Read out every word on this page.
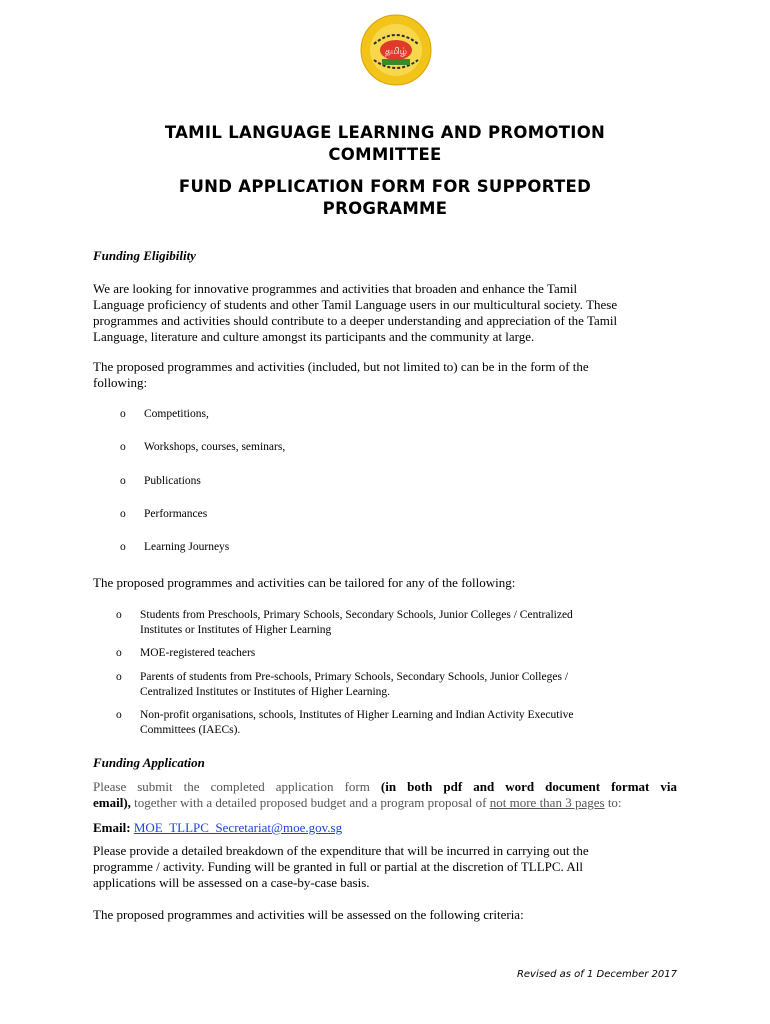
தமிழ்
TAMIL LANGUAGE LEARNING AND PROMOTION
COMMITTEE
FUND APPLICATION FORM FOR SUPPORTED
PROGRAMME
Funding Eligibility
We are looking for innovative programmes and activities that broaden and enhance the Tamil
Language proficiency of students and other Tamil Language users in our multicultural society. These
programmes and activities should contribute to a deeper understanding and appreciation of the Tamil
Language, literature and culture amongst its participants and the community at large.
The proposed programmes and activities (included, but not limited to) can be in the form of the
following:
o Competitions,
o Workshops, courses, seminars,
o Publications
o Performances
o Learning Journeys
The proposed programmes and activities can be tailored for any of the following:
o Students from Preschools, Primary Schools, Secondary Schools, Junior Colleges / Centralized
Institutes or Institutes of Higher Learning
o MOE-registered teachers
o Parents of students from Pre-schools, Primary Schools, Secondary Schools, Junior Colleges /
Centralized Institutes or Institutes of Higher Learning.
o Non-profit organisations, schools, Institutes of Higher Learning and Indian Activity Executive
Committees (IAECs).
Funding Application
Please submit the completed application form (in both pdf and word document format via
email), together with a detailed proposed budget and a program proposal of not more than 3 pages to:
Email: MOE_TLLPC_Secretariat@moe.gov.sg
Please provide a detailed breakdown of the expenditure that will be incurred in carrying out the
programme / activity. Funding will be granted in full or partial at the discretion of TLLPC. All
applications will be assessed on a case-by-case basis.
The proposed programmes and activities will be assessed on the following criteria:
Revised as of 1 December 2017
